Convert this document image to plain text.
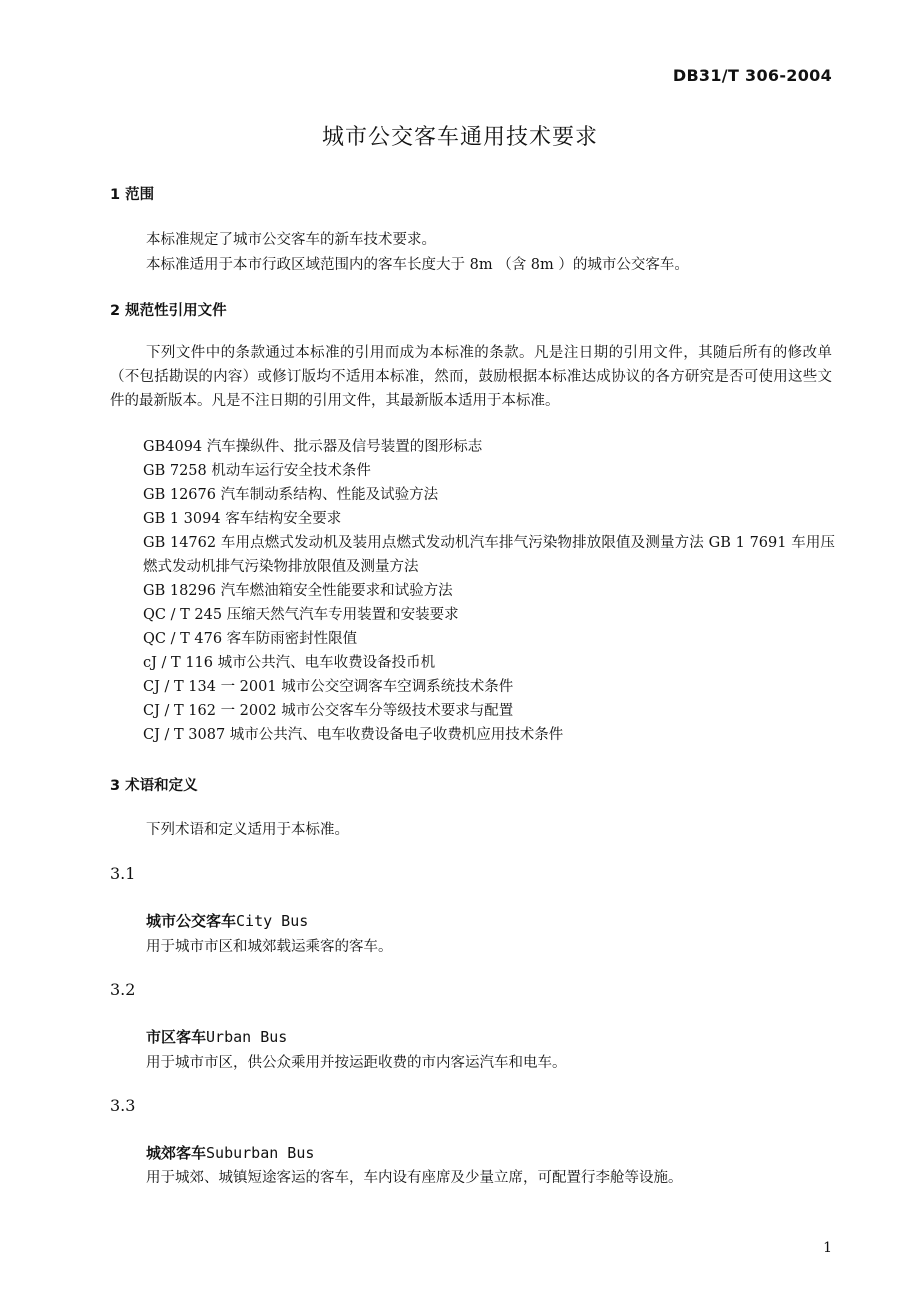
DB31/T 306-2004
城市公交客车通用技术要求
1 范围
本标准规定了城市公交客车的新车技术要求。
本标准适用于本市行政区域范围内的客车长度大于 8m （含 8m ）的城市公交客车。
2 规范性引用文件
下列文件中的条款通过本标准的引用而成为本标准的条款。凡是注日期的引用文件，其随后所有的修改单（不包括勘误的内容）或修订版均不适用本标准，然而，鼓励根据本标准达成协议的各方研究是否可使用这些文件的最新版本。凡是不注日期的引用文件，其最新版本适用于本标准。
GB4094 汽车操纵件、批示器及信号装置的图形标志
GB 7258 机动车运行安全技术条件
GB 12676 汽车制动系结构、性能及试验方法
GB 1 3094 客车结构安全要求
GB 14762 车用点燃式发动机及装用点燃式发动机汽车排气污染物排放限值及测量方法 GB 1 7691 车用压燃式发动机排气污染物排放限值及测量方法
GB 18296 汽车燃油箱安全性能要求和试验方法
QC / T 245 压缩天然气汽车专用装置和安装要求
QC / T 476 客车防雨密封性限值
cJ / T 116 城市公共汽、电车收费设备投币机
CJ / T 134 一 2001 城市公交空调客车空调系统技术条件
CJ / T 162 一 2002 城市公交客车分等级技术要求与配置
CJ / T 3087 城市公共汽、电车收费设备电子收费机应用技术条件
3 术语和定义
下列术语和定义适用于本标准。
3.1
城市公交客车City Bus
用于城市市区和城郊载运乘客的客车。
3.2
市区客车Urban Bus
用于城市市区，供公众乘用并按运距收费的市内客运汽车和电车。
3.3
城郊客车Suburban Bus
用于城郊、城镇短途客运的客车，车内设有座席及少量立席，可配置行李舱等设施。
1
